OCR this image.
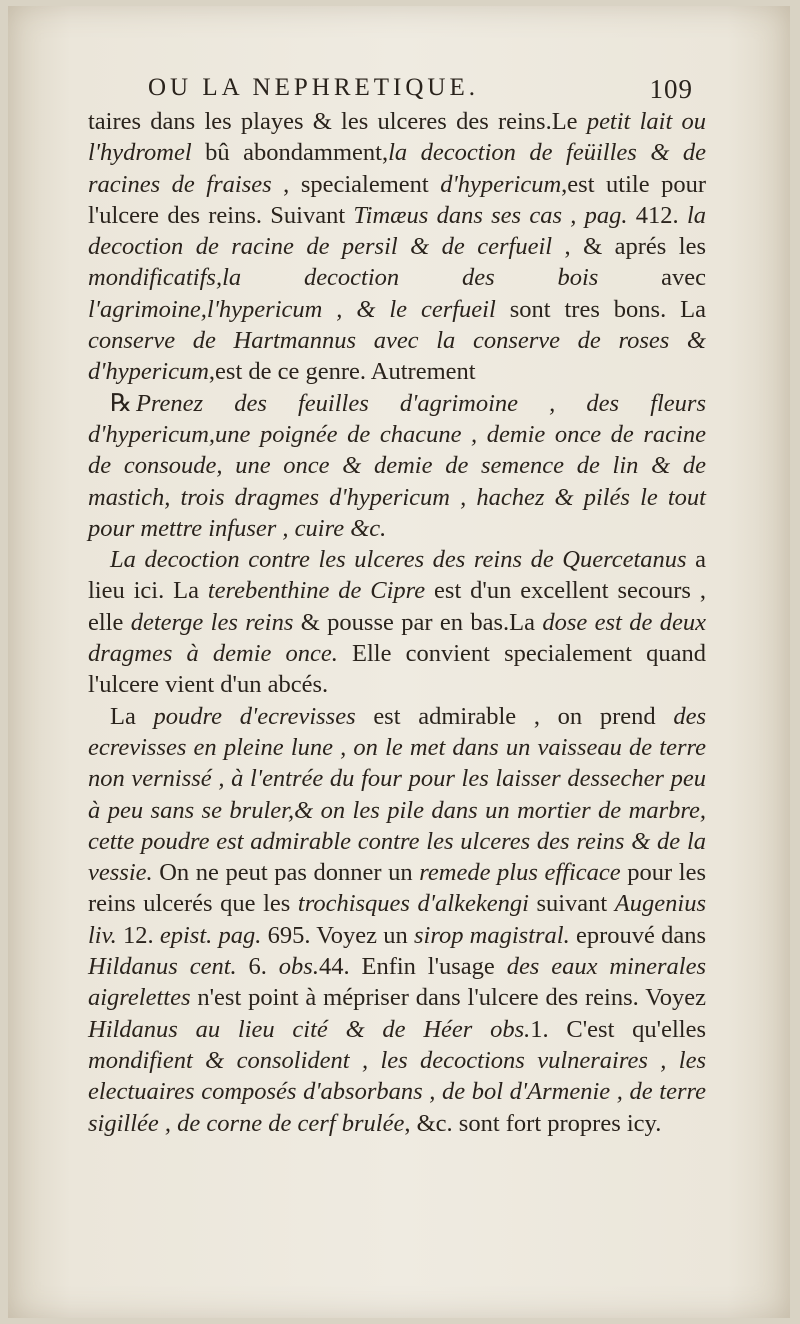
OU LA NEPHRETIQUE.	109

taires dans les playes & les ulceres des reins.Le petit lait ou l'hydromel bû abondamment,la decoction de feüilles & de racines de fraises , specialement d'hypericum,est utile pour l'ulcere des reins. Suivant Timæus dans ses cas , pag. 412. la decoction de racine de persil & de cerfueil , & aprés les mondificatifs,la decoction des bois avec l'agrimoine,l'hypericum , & le cerfueil sont tres bons. La conserve de Hartmannus avec la conserve de roses & d'hypericum,est de ce genre. Autrement

℞ Prenez des feuilles d'agrimoine , des fleurs d'hypericum,une poignée de chacune , demie once de racine de consoude, une once & demie de semence de lin & de mastich, trois dragmes d'hypericum , hachez & pilés le tout pour mettre infuser , cuire &c.

La decoction contre les ulceres des reins de Quercetanus a lieu ici. La terebenthine de Cipre est d'un excellent secours , elle deterge les reins & pousse par en bas.La dose est de deux dragmes à demie once. Elle convient specialement quand l'ulcere vient d'un abcés.

La poudre d'ecrevisses est admirable , on prend des ecrevisses en pleine lune , on le met dans un vaisseau de terre non vernissé , à l'entrée du four pour les laisser dessecher peu à peu sans se bruler,& on les pile dans un mortier de marbre, cette poudre est admirable contre les ulceres des reins & de la vessie. On ne peut pas donner un remede plus efficace pour les reins ulcerés que les trochisques d'alkekengi suivant Augenius liv. 12. epist. pag. 695. Voyez un sirop magistral. eprouvé dans Hildanus cent. 6. obs.44. Enfin l'usage des eaux minerales aigrelettes n'est point à mépriser dans l'ulcere des reins. Voyez Hildanus au lieu cité & de Héer obs.1. C'est qu'elles mondifient & consolident , les decoctions vulneraires , les electuaires composés d'absorbans , de bol d'Armenie , de terre sigillée , de corne de cerf brulée, &c. sont fort propres icy.
